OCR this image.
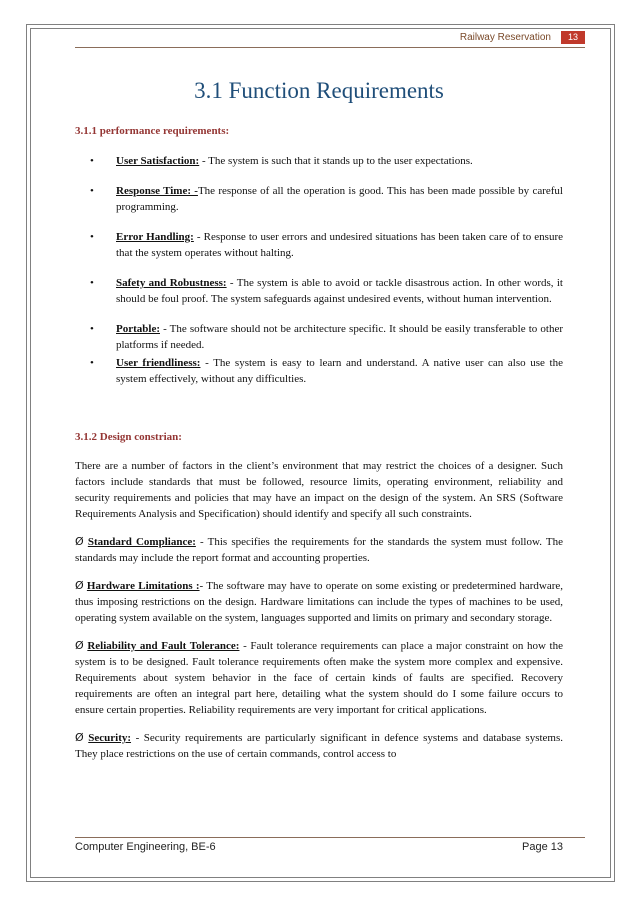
Railway Reservation	13
3.1 Function Requirements
3.1.1 performance requirements:
• User Satisfaction: - The system is such that it stands up to the user expectations.
• Response Time: -The response of all the operation is good. This has been made possible by careful programming.
• Error Handling: - Response to user errors and undesired situations has been taken care of to ensure that the system operates without halting.
• Safety and Robustness: - The system is able to avoid or tackle disastrous action. In other words, it should be foul proof. The system safeguards against undesired events, without human intervention.
• Portable: - The software should not be architecture specific. It should be easily transferable to other platforms if needed.
• User friendliness: - The system is easy to learn and understand. A native user can also use the system effectively, without any difficulties.
3.1.2 Design constrian:

There are a number of factors in the client’s environment that may restrict the choices of a designer. Such factors include standards that must be followed, resource limits, operating environment, reliability and security requirements and policies that may have an impact on the design of the system. An SRS (Software Requirements Analysis and Specification) should identify and specify all such constraints.

Ø Standard Compliance: - This specifies the requirements for the standards the system must follow. The standards may include the report format and accounting properties.

Ø Hardware Limitations :- The software may have to operate on some existing or predetermined hardware, thus imposing restrictions on the design. Hardware limitations can include the types of machines to be used, operating system available on the system, languages supported and limits on primary and secondary storage.

Ø Reliability and Fault Tolerance: - Fault tolerance requirements can place a major constraint on how the system is to be designed. Fault tolerance requirements often make the system more complex and expensive. Requirements about system behavior in the face of certain kinds of faults are specified. Recovery requirements are often an integral part here, detailing what the system should do I some failure occurs to ensure certain properties. Reliability requirements are very important for critical applications.

Ø Security: - Security requirements are particularly significant in defence systems and database systems. They place restrictions on the use of certain commands, control access to

Computer Engineering, BE-6	Page 13
